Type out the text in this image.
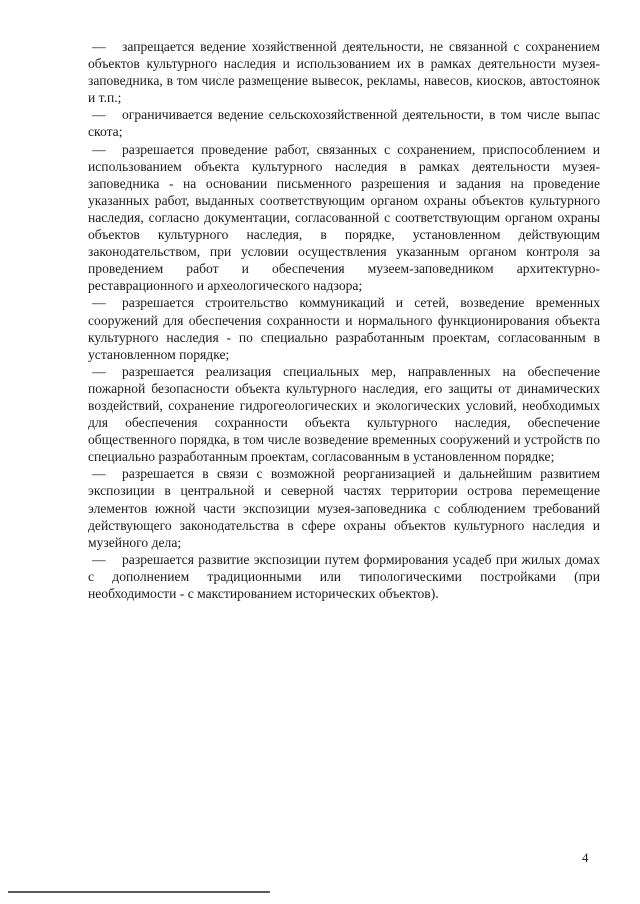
— запрещается ведение хозяйственной деятельности, не связанной с сохранением объектов культурного наследия и использованием их в рамках деятельности музея-заповедника, в том числе размещение вывесок, рекламы, навесов, киосков, автостоянок и т.п.;

— ограничивается ведение сельскохозяйственной деятельности, в том числе выпас скота;

— разрешается проведение работ, связанных с сохранением, приспособлением и использованием объекта культурного наследия в рамках деятельности музея-заповедника - на основании письменного разрешения и задания на проведение указанных работ, выданных соответствующим органом охраны объектов культурного наследия, согласно документации, согласованной с соответствующим органом охраны объектов культурного наследия, в порядке, установленном действующим законодательством, при условии осуществления указанным органом контроля за проведением работ и обеспечения музеем-заповедником архитектурно-реставрационного и археологического надзора;

— разрешается строительство коммуникаций и сетей, возведение временных сооружений для обеспечения сохранности и нормального функционирования объекта культурного наследия - по специально разработанным проектам, согласованным в установленном порядке;

— разрешается реализация специальных мер, направленных на обеспечение пожарной безопасности объекта культурного наследия, его защиты от динамических воздействий, сохранение гидрогеологических и экологических условий, необходимых для обеспечения сохранности объекта культурного наследия, обеспечение общественного порядка, в том числе возведение временных сооружений и устройств по специально разработанным проектам, согласованным в установленном порядке;

— разрешается в связи с возможной реорганизацией и дальнейшим развитием экспозиции в центральной и северной частях территории острова перемещение элементов южной части экспозиции музея-заповедника с соблюдением требований действующего законодательства в сфере охраны объектов культурного наследия и музейного дела;

— разрешается развитие экспозиции путем формирования усадеб при жилых домах с дополнением традиционными или типологическими постройками (при необходимости - с макстированием исторических объектов).

4
